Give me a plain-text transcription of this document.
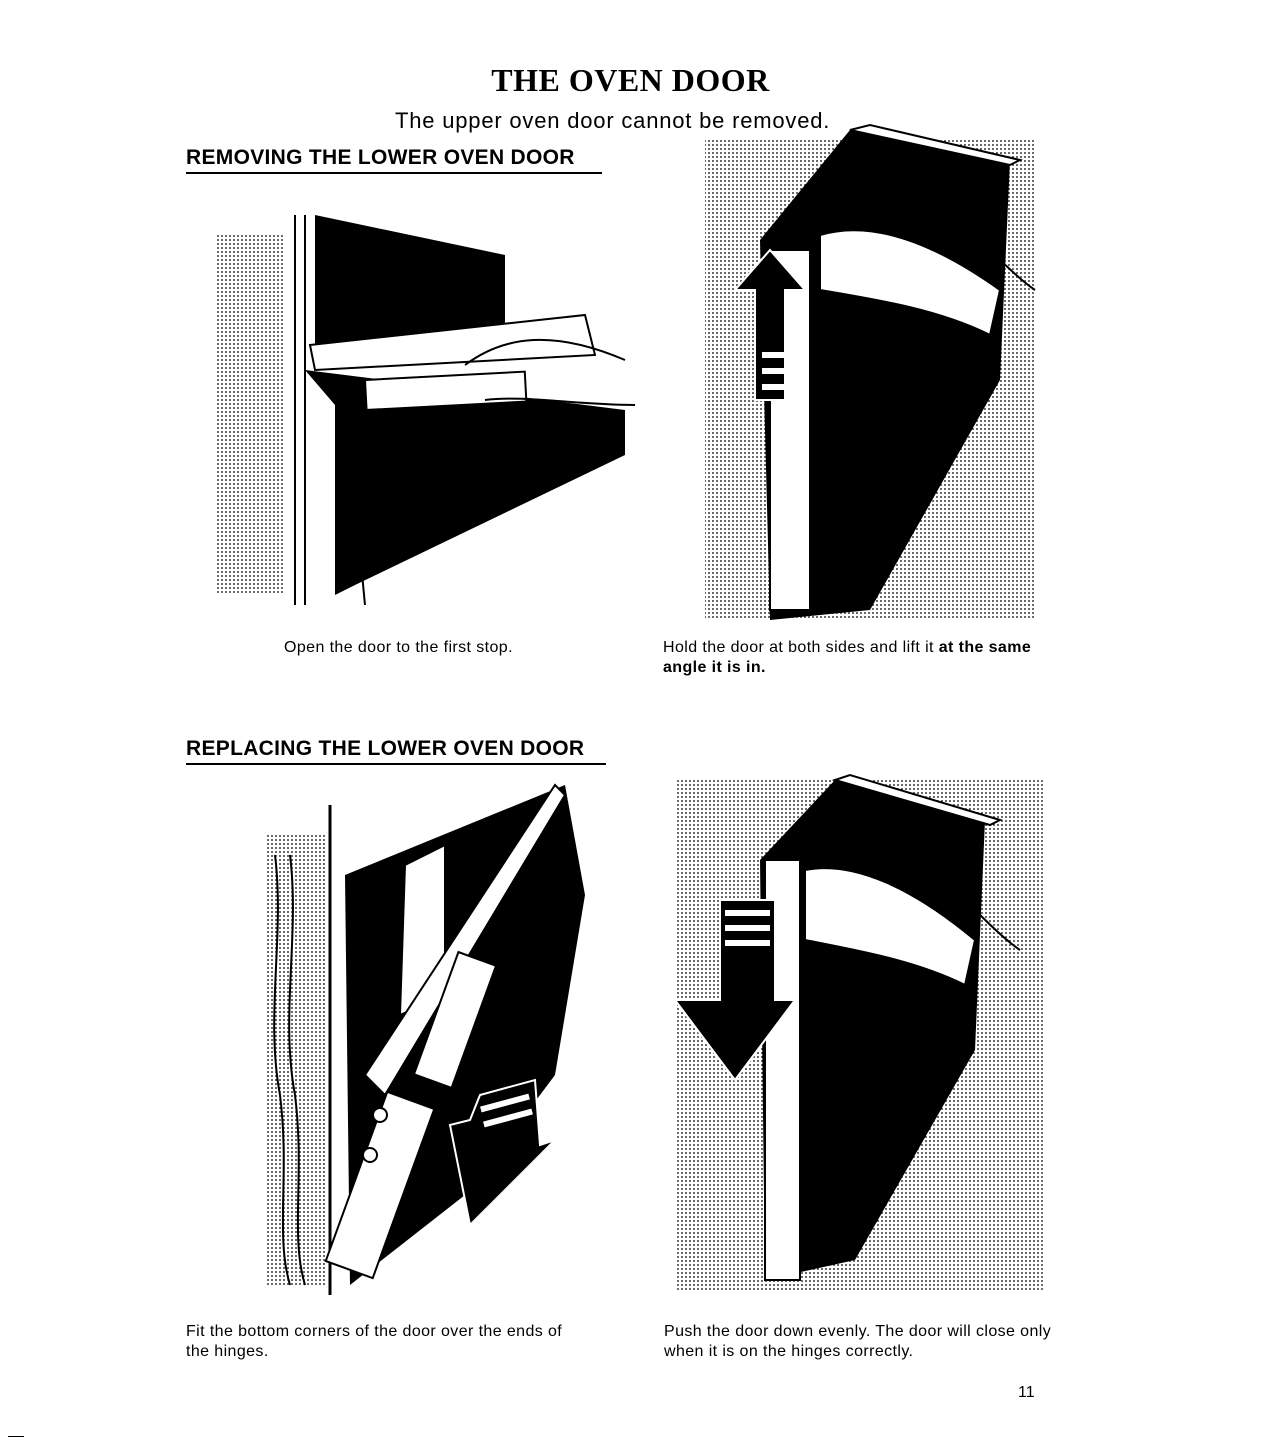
THE OVEN DOOR
The upper oven door cannot be removed.
REMOVING THE LOWER OVEN DOOR
Open the door to the first stop.	Hold the door at both sides and lift it at the same angle it is in.
REPLACING THE LOWER OVEN DOOR
Fit the bottom corners of the door over the ends of the hinges.
Push the door down evenly. The door will close only when it is on the hinges correctly.
11
